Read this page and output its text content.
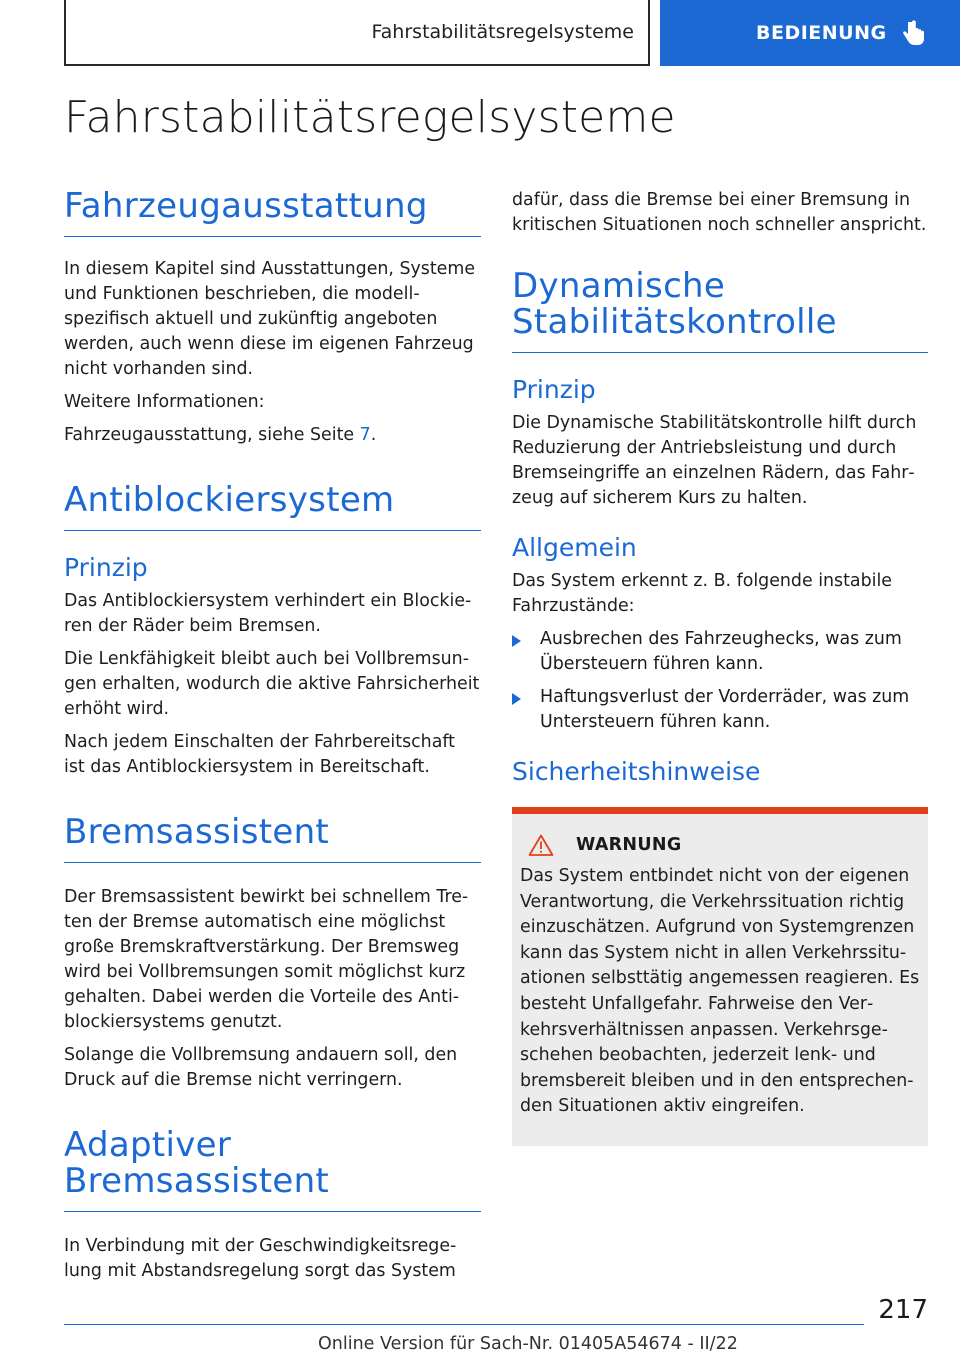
Fahrstabilitätsregelsysteme	BEDIENUNG
Fahrstabilitätsregelsysteme
Fahrzeugausstattung

In diesem Kapitel sind Ausstattungen, Systeme und Funktionen beschrieben, die modellspezifisch aktuell und zukünftig angeboten werden, auch wenn diese im eigenen Fahrzeug nicht vorhanden sind.

Weitere Informationen:

Fahrzeugausstattung, siehe Seite 7.

Antiblockiersystem
Prinzip

Das Antiblockiersystem verhindert ein Blockieren der Räder beim Bremsen.

Die Lenkfähigkeit bleibt auch bei Vollbremsungen erhalten, wodurch die aktive Fahrsicherheit erhöht wird.

Nach jedem Einschalten der Fahrbereitschaft ist das Antiblockiersystem in Bereitschaft.

Bremsassistent

Der Bremsassistent bewirkt bei schnellem Treten der Bremse automatisch eine möglichst große Bremskraftverstärkung. Der Bremsweg wird bei Vollbremsungen somit möglichst kurz gehalten. Dabei werden die Vorteile des Antiblockiersystems genutzt.

Solange die Vollbremsung andauern soll, den Druck auf die Bremse nicht verringern.

Adaptiver Bremsassistent

In Verbindung mit der Geschwindigkeitsregelung mit Abstandsregelung sorgt das System

dafür, dass die Bremse bei einer Bremsung in kritischen Situationen noch schneller anspricht.

Dynamische Stabilitätskontrolle
Prinzip

Die Dynamische Stabilitätskontrolle hilft durch Reduzierung der Antriebsleistung und durch Bremseingriffe an einzelnen Rädern, das Fahrzeug auf sicherem Kurs zu halten.

Allgemein

Das System erkennt z. B. folgende instabile Fahrzustände:

Ausbrechen des Fahrzeughecks, was zum Übersteuern führen kann.
Haftungsverlust der Vorderräder, was zum Untersteuern führen kann.
Sicherheitshinweise
WARNUNG

Das System entbindet nicht von der eigenen Verantwortung, die Verkehrssituation richtig einzuschätzen. Aufgrund von Systemgrenzen kann das System nicht in allen Verkehrssituationen selbsttätig angemessen reagieren. Es besteht Unfallgefahr. Fahrweise den Verkehrsverhältnissen anpassen. Verkehrsgeschehen beobachten, jederzeit lenk- und bremsbereit bleiben und in den entsprechenden Situationen aktiv eingreifen.

217
Online Version für Sach-Nr. 01405A54674 - II/22
